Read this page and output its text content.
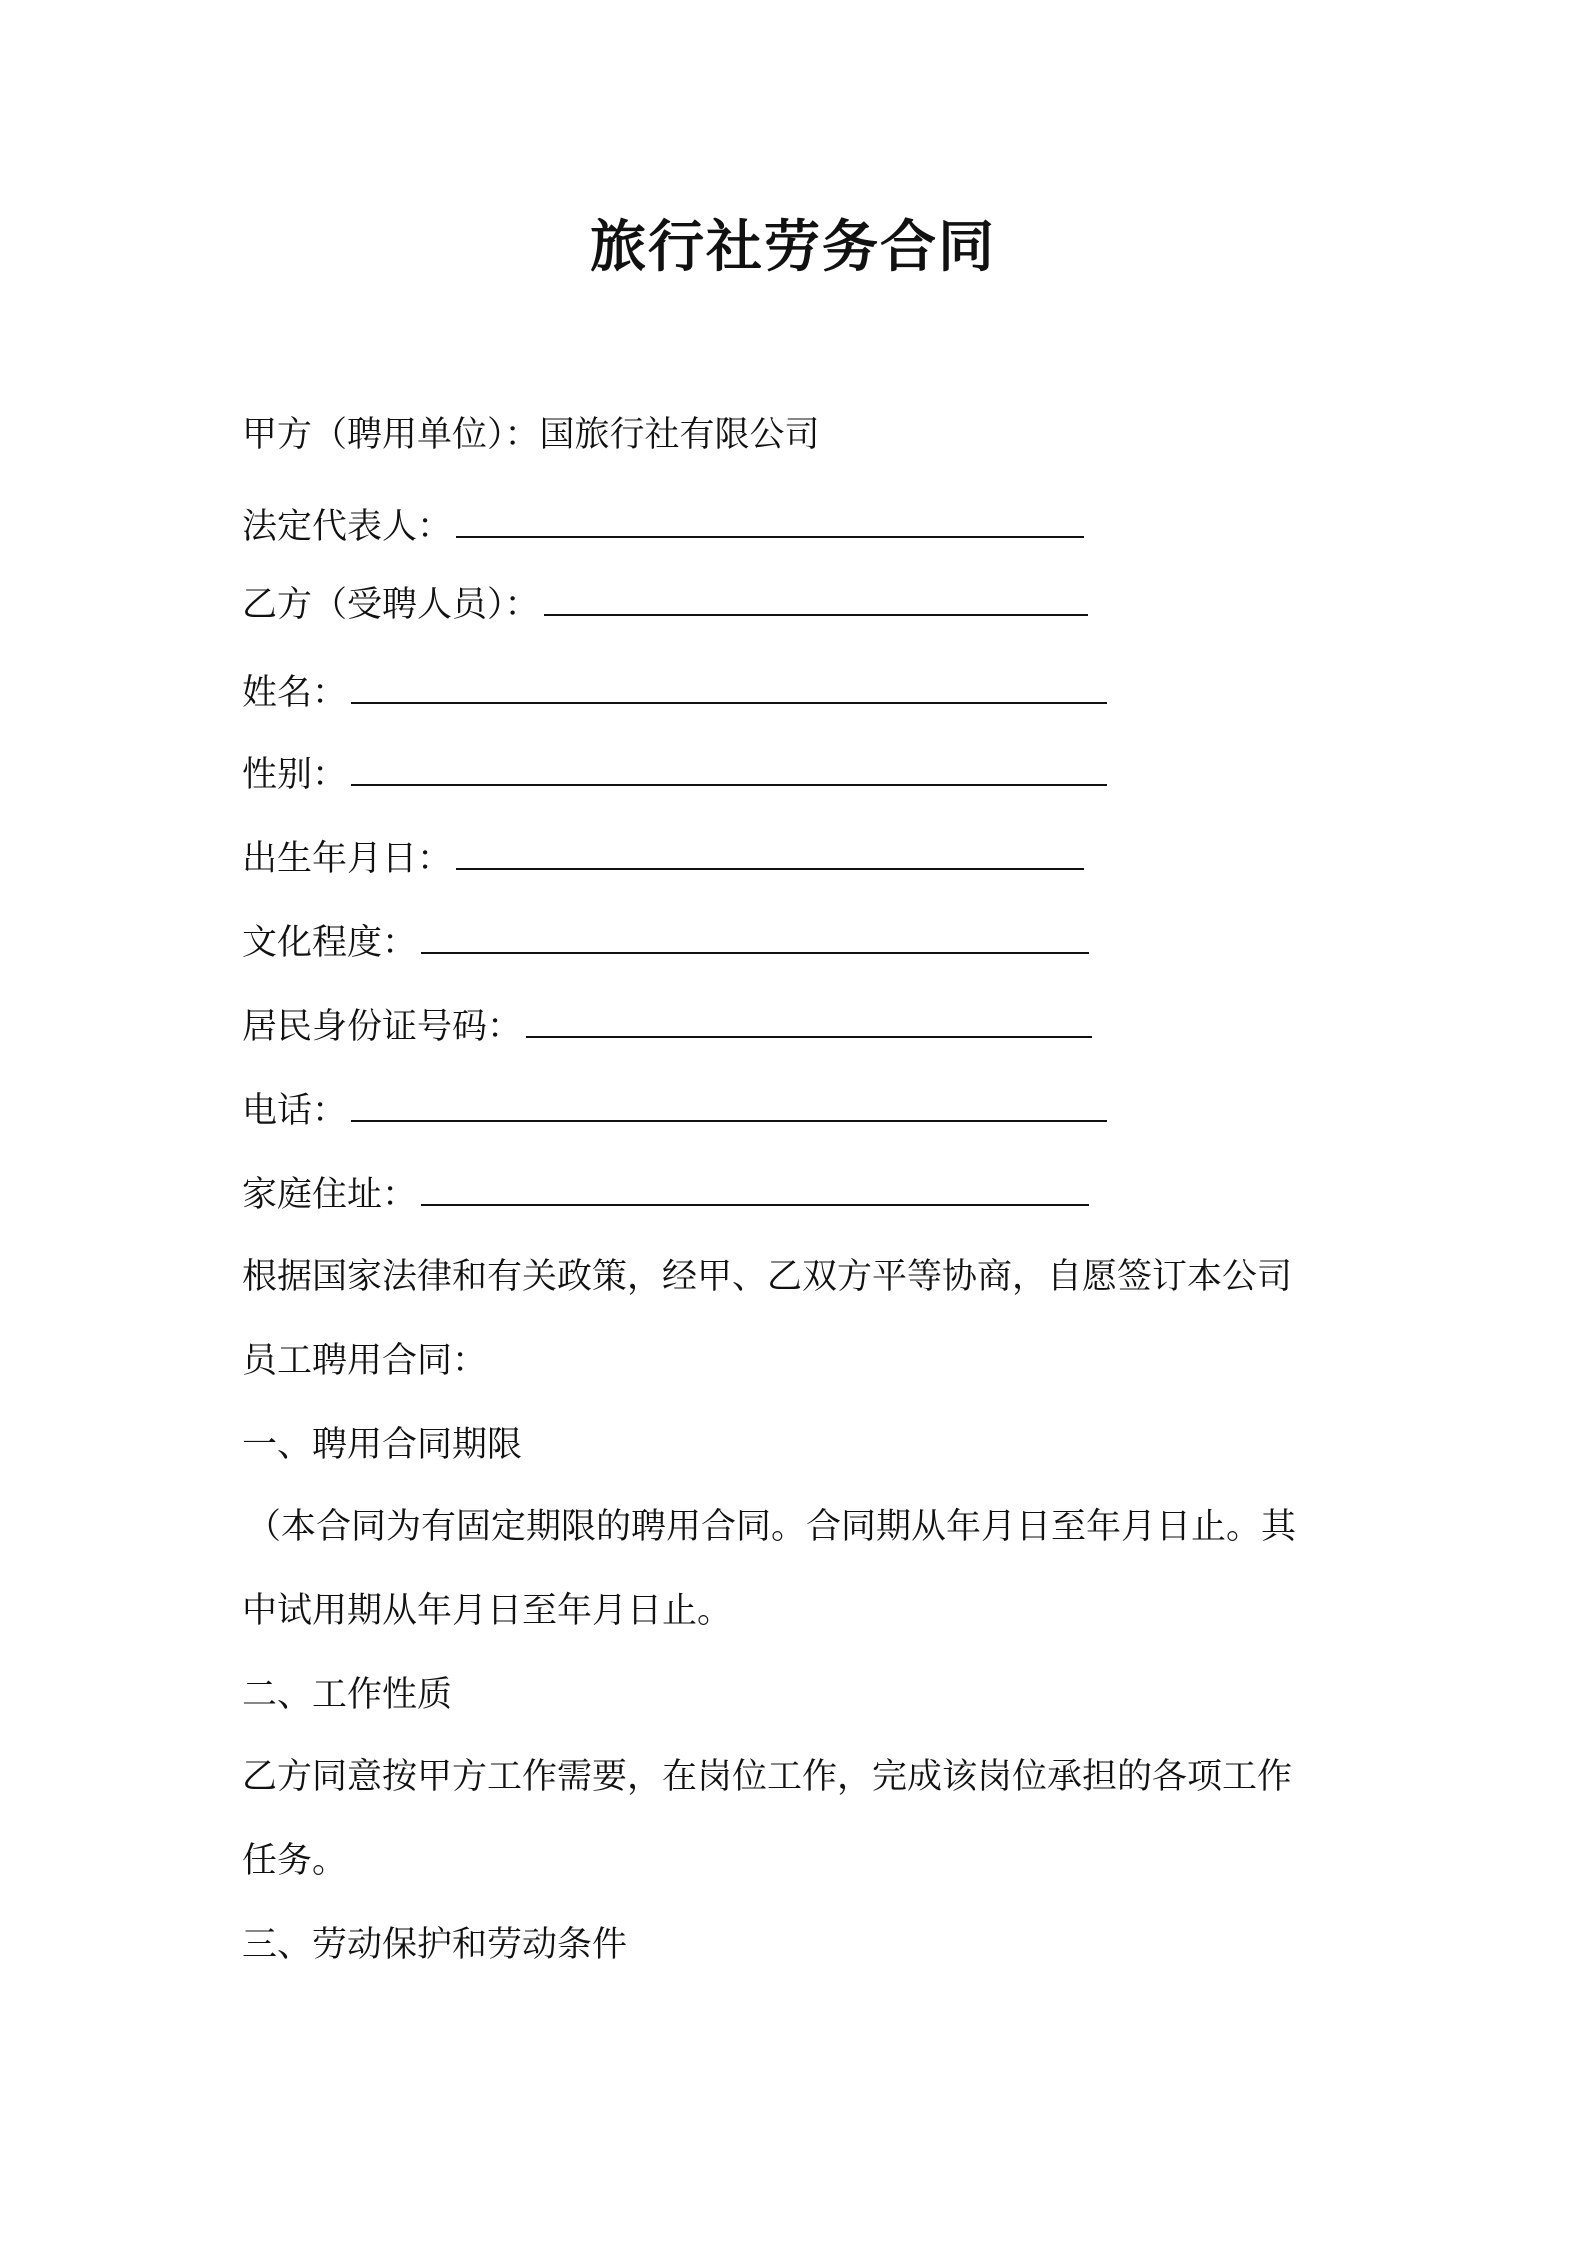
旅行社劳务合同
甲方（聘用单位）：国旅行社有限公司
法定代表人：
乙方（受聘人员）：
姓名：
性别：
出生年月日：
文化程度：
居民身份证号码：
电话：
家庭住址：
根据国家法律和有关政策，经甲、乙双方平等协商，自愿签订本公司
员工聘用合同：
一、聘用合同期限
（本合同为有固定期限的聘用合同。合同期从年月日至年月日止。其
中试用期从年月日至年月日止。
二、工作性质
乙方同意按甲方工作需要，在岗位工作，完成该岗位承担的各项工作
任务。
三、劳动保护和劳动条件
